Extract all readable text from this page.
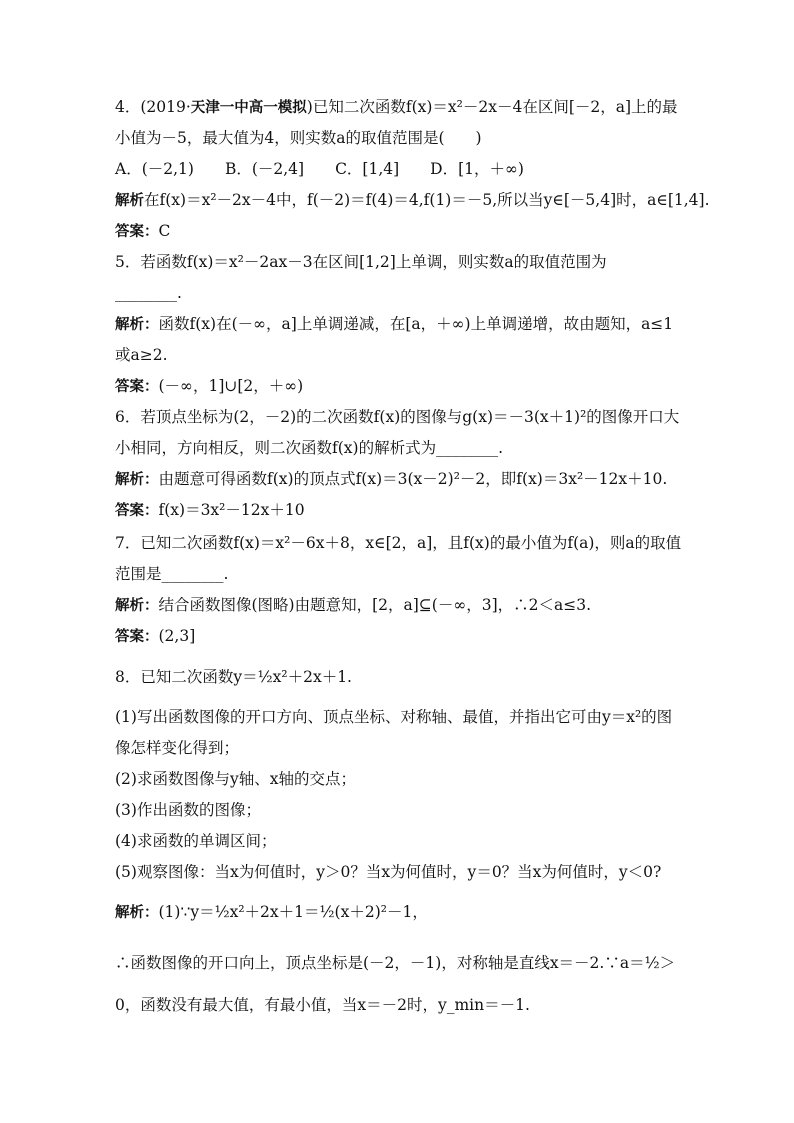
4．(2019·天津一中高一模拟)已知二次函数f(x)＝x²－2x－4在区间[－2，a]上的最
小值为－5，最大值为4，则实数a的取值范围是(　　)
A．(－2,1)　　B．(－2,4]　　C．[1,4]　　D．[1，＋∞)
解析在f(x)＝x²－2x－4中，f(－2)＝f(4)＝4,f(1)＝－5,所以当y∈[－5,4]时，a∈[1,4].
答案：C
5．若函数f(x)＝x²－2ax－3在区间[1,2]上单调，则实数a的取值范围为
________.
解析：函数f(x)在(－∞，a]上单调递减，在[a，＋∞)上单调递增，故由题知，a≤1
或a≥2.
答案：(－∞，1]∪[2，＋∞)
6．若顶点坐标为(2，－2)的二次函数f(x)的图像与g(x)＝－3(x＋1)²的图像开口大
小相同，方向相反，则二次函数f(x)的解析式为________.
解析：由题意可得函数f(x)的顶点式f(x)＝3(x－2)²－2，即f(x)＝3x²－12x＋10.
答案：f(x)＝3x²－12x＋10
7．已知二次函数f(x)＝x²－6x＋8，x∈[2，a]，且f(x)的最小值为f(a)，则a的取值
范围是________.
解析：结合函数图像(图略)由题意知，[2，a]⊆(－∞，3]，∴2＜a≤3.
答案：(2,3]
8．已知二次函数y＝½x²＋2x＋1.
(1)写出函数图像的开口方向、顶点坐标、对称轴、最值，并指出它可由y＝x²的图
像怎样变化得到；
(2)求函数图像与y轴、x轴的交点；
(3)作出函数的图像；
(4)求函数的单调区间；
(5)观察图像：当x为何值时，y＞0？当x为何值时，y＝0？当x为何值时，y＜0?
解析：(1)∵y＝½x²＋2x＋1＝½(x＋2)²－1，
∴函数图像的开口向上，顶点坐标是(－2，－1)，对称轴是直线x＝－2.∵a＝½＞
0，函数没有最大值，有最小值，当x＝－2时，y_min＝－1.
